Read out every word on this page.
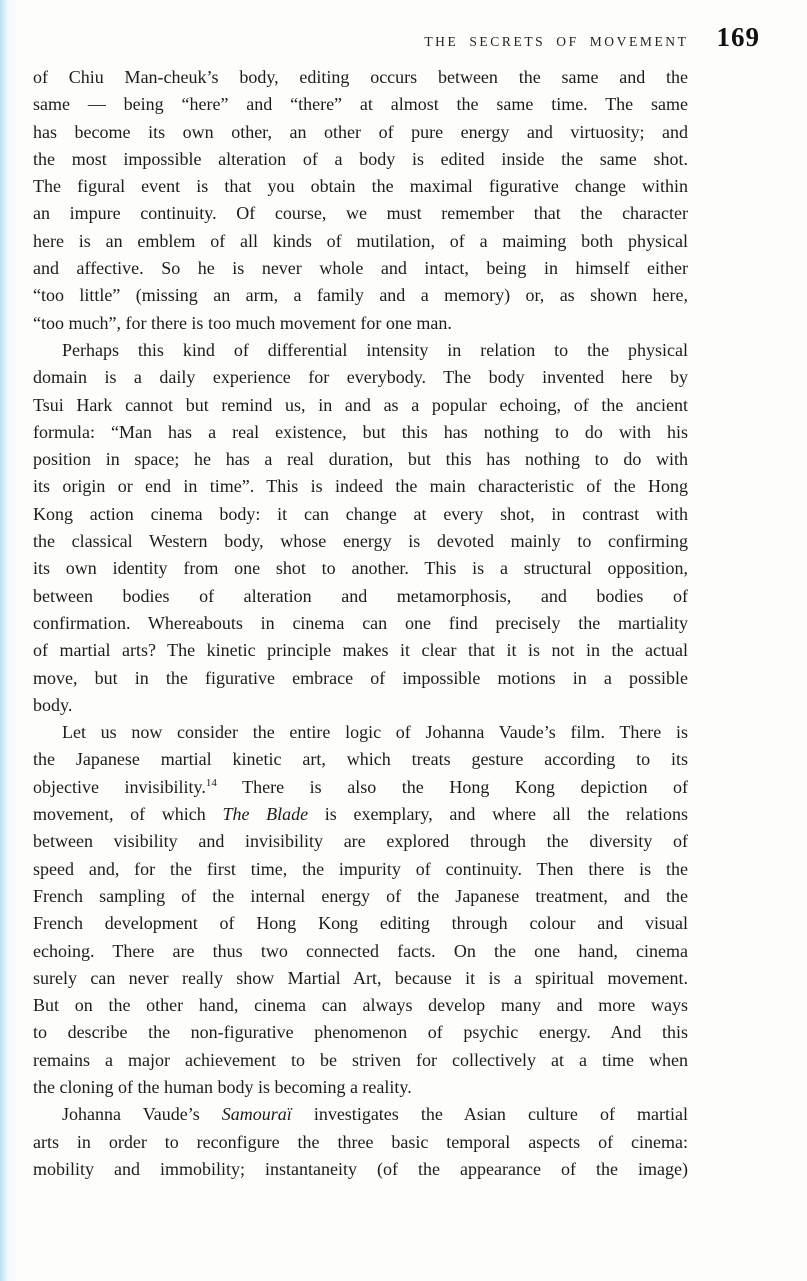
THE SECRETS OF MOVEMENT 169
of Chiu Man-cheuk’s body, editing occurs between the same and the
same — being “here” and “there” at almost the same time. The same
has become its own other, an other of pure energy and virtuosity; and
the most impossible alteration of a body is edited inside the same shot.
The figural event is that you obtain the maximal figurative change within
an impure continuity. Of course, we must remember that the character
here is an emblem of all kinds of mutilation, of a maiming both physical
and affective. So he is never whole and intact, being in himself either
“too little” (missing an arm, a family and a memory) or, as shown here,
“too much”, for there is too much movement for one man.
Perhaps this kind of differential intensity in relation to the physical
domain is a daily experience for everybody. The body invented here by
Tsui Hark cannot but remind us, in and as a popular echoing, of the ancient
formula: “Man has a real existence, but this has nothing to do with his
position in space; he has a real duration, but this has nothing to do with
its origin or end in time”. This is indeed the main characteristic of the Hong
Kong action cinema body: it can change at every shot, in contrast with
the classical Western body, whose energy is devoted mainly to confirming
its own identity from one shot to another. This is a structural opposition,
between bodies of alteration and metamorphosis, and bodies of
confirmation. Whereabouts in cinema can one find precisely the martiality
of martial arts? The kinetic principle makes it clear that it is not in the actual
move, but in the figurative embrace of impossible motions in a possible
body.
Let us now consider the entire logic of Johanna Vaude’s film. There is
the Japanese martial kinetic art, which treats gesture according to its
objective invisibility.$^{14}$ There is also the Hong Kong depiction of
movement, of which The Blade is exemplary, and where all the relations
between visibility and invisibility are explored through the diversity of
speed and, for the first time, the impurity of continuity. Then there is the
French sampling of the internal energy of the Japanese treatment, and the
French development of Hong Kong editing through colour and visual
echoing. There are thus two connected facts. On the one hand, cinema
surely can never really show Martial Art, because it is a spiritual movement.
But on the other hand, cinema can always develop many and more ways
to describe the non-figurative phenomenon of psychic energy. And this
remains a major achievement to be striven for collectively at a time when
the cloning of the human body is becoming a reality.
Johanna Vaude’s Samouraï investigates the Asian culture of martial
arts in order to reconfigure the three basic temporal aspects of cinema:
mobility and immobility; instantaneity (of the appearance of the image)
